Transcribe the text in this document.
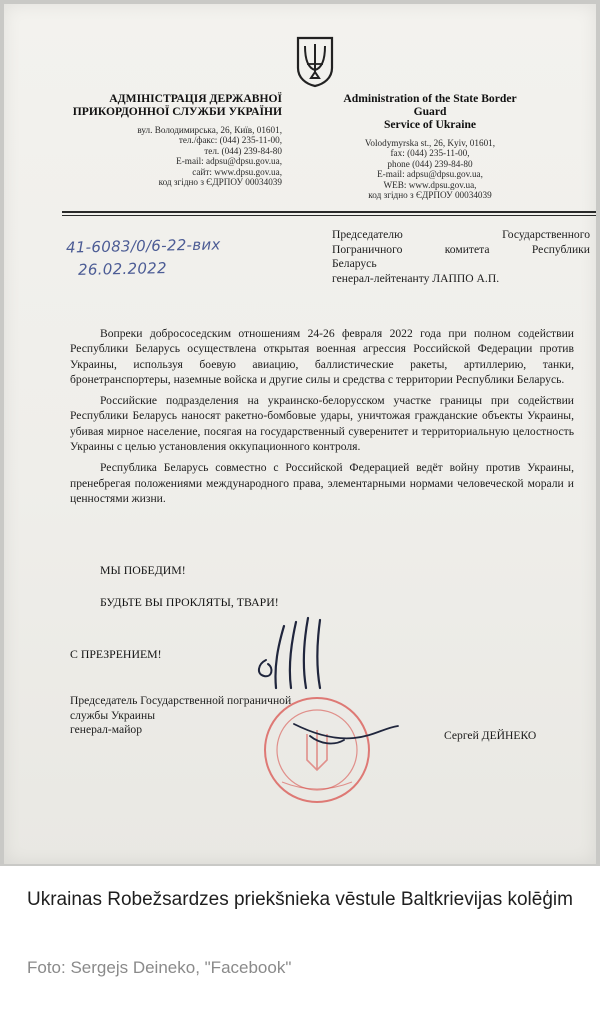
АДМІНІСТРАЦІЯ ДЕРЖАВНОЇ
ПРИКОРДОННОЇ СЛУЖБИ УКРАЇНИ
вул. Володимирська, 26, Київ, 01601,
тел./факс: (044) 235-11-00,
тел. (044) 239-84-80
E-mail: adpsu@dpsu.gov.ua,
сайт: www.dpsu.gov.ua,
код згідно з ЄДРПОУ 00034039
Administration of the State Border Guard
Service of Ukraine
Volodymyrska st., 26, Kyiv, 01601,
fax: (044) 235-11-00,
phone (044) 239-84-80
E-mail: adpsu@dpsu.gov.ua,
WEB: www.dpsu.gov.ua,
код згідно з ЄДРПОУ 00034039
41-6083/0/6-22-вих
26.02.2022
Председателю Государственного
Пограничного комитета Республики
Беларусь
генерал-лейтенанту ЛАППО А.П.

Вопреки добрососедским отношениям 24-26 февраля 2022 года при полном содействии Республики Беларусь осуществлена открытая военная агрессия Российской Федерации против Украины, используя боевую авиацию, баллистические ракеты, артиллерию, танки, бронетранспортеры, наземные войска и другие силы и средства с территории Республики Беларусь.

Российские подразделения на украинско-белорусском участке границы при содействии Республики Беларусь наносят ракетно-бомбовые удары, уничтожая гражданские объекты Украины, убивая мирное население, посягая на государственный суверенитет и территориальную целостность Украины с целью установления оккупационного контроля.

Республика Беларусь совместно с Российской Федерацией ведёт войну против Украины, пренебрегая положениями международного права, элементарными нормами человеческой морали и ценностями жизни.

МЫ ПОБЕДИМ!
БУДЬТЕ ВЫ ПРОКЛЯТЫ, ТВАРИ!
С ПРЕЗРЕНИЕМ!
Председатель Государственной пограничной
службы Украины
генерал-майор	Сергей ДЕЙНЕКО
Ukrainas Robežsardzes priekšnieka vēstule Baltkrievijas kolēģim
Foto: Sergejs Deineko, "Facebook"
